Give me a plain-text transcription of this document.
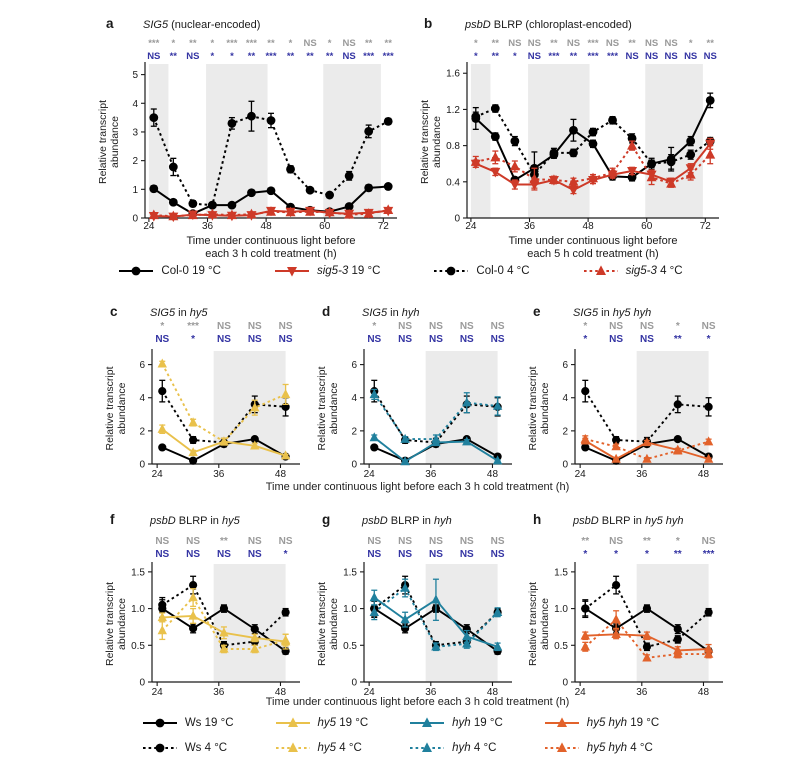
a	SIG5 (nuclear-encoded)
*** * ** * *** *** ** * NS * NS ** **
NS ** NS * * ** *** ** ** ** NS *** ***
0
1
2
3
4
5
24	36	48	60	72
Relative transcript abundance
Time under continuous light before
each 3 h cold treatment (h)
b	psbD BLRP (chloroplast-encoded)
* ** NS NS ** NS *** NS ** NS NS * **
* ** * NS *** ** *** *** NS NS NS NS NS
0
0.4
0.8
1.2
1.6
24	36	48	60	72
Relative transcript abundance
Time under continuous light before
each 5 h cold treatment (h)
c	SIG5 in hy5
* *** NS NS NS
NS * NS NS NS
0
2
4
6
24	36	48
Relative transcript abundance
d	SIG5 in hyh
* NS NS NS NS
NS NS NS NS NS
0
2
4
6
24	36	48
Relative transcript abundance
e	SIG5 in hy5 hyh
* NS NS * NS
* NS NS ** *
0
2
4
6
24	36	48
Relative transcript abundance
f	psbD BLRP in hy5
NS NS ** NS NS
NS NS NS NS *
0
0.5
1.0
1.5
24	36	48
Relative transcript abundance
g	psbD BLRP in hyh
NS NS NS NS NS
NS NS NS NS NS
0
0.5
1.0
1.5
24	36	48
Relative transcript abundance
h	psbD BLRP in hy5 hyh
** NS ** * NS
*	*	* ** ***
0
0.5
1.0
1.5
24	36	48
Relative transcript abundance
Col-0 19 °C	sig5-3 19 °C	Col-0 4 °C	sig5-3 4 °C
Time under continuous light before each 3 h cold treatment (h)
Time under continuous light before each 3 h cold treatment (h)
Ws 19 °C	hy5 19 °C	hyh 19 °C	hy5 hyh 19 °C
Ws 4 °C	hy5 4 °C	hyh 4 °C	hy5 hyh 4 °C
